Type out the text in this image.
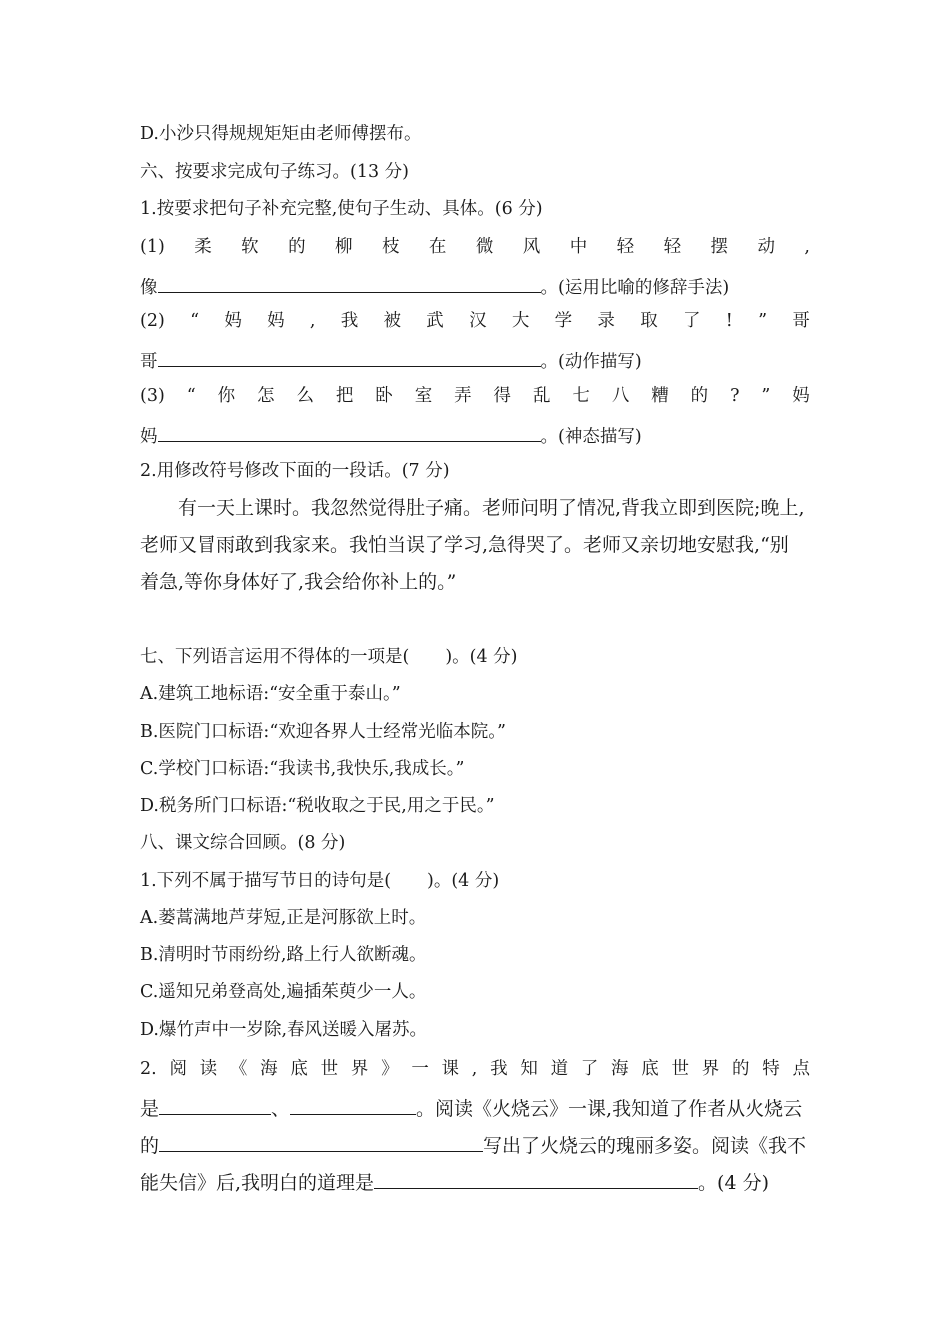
D.小沙只得规规矩矩由老师傅摆布。
六、按要求完成句子练习。(13 分)
1.按要求把句子补充完整,使句子生动、具体。(6 分)
(1) 柔 软 的 柳 枝 在 微 风 中 轻 轻 摆 动 ,
像	。(运用比喻的修辞手法)
(2) “ 妈 妈 , 我 被 武 汉 大 学 录 取 了 ! ” 哥
哥	。(动作描写)
(3) “ 你 怎 么 把 卧 室 弄 得 乱 七 八 糟 的 ? ” 妈
妈	。(神态描写)
2.用修改符号修改下面的一段话。(7 分)
有一天上课时。我忽然觉得肚子痛。老师问明了情况,背我立即到医院;晚上,
老师又冒雨敢到我家来。我怕当误了学习,急得哭了。老师又亲切地安慰我,“别
着急,等你身体好了,我会给你补上的。”
七、下列语言运用不得体的一项是( )。(4 分)
A.建筑工地标语:“安全重于泰山。”
B.医院门口标语:“欢迎各界人士经常光临本院。”
C.学校门口标语:“我读书,我快乐,我成长。”
D.税务所门口标语:“税收取之于民,用之于民。”
八、课文综合回顾。(8 分)
1.下列不属于描写节日的诗句是( )。(4 分)
A.蒌蒿满地芦芽短,正是河豚欲上时。
B.清明时节雨纷纷,路上行人欲断魂。
C.遥知兄弟登高处,遍插茱萸少一人。
D.爆竹声中一岁除,春风送暖入屠苏。
2. 阅 读 《 海 底 世 界 》 一 课 , 我 知 道 了 海 底 世 界 的 特 点
是	、	。阅读《火烧云》一课,我知道了作者从火烧云
的	写出了火烧云的瑰丽多姿。阅读《我不
能失信》后,我明白的道理是	。(4 分)
